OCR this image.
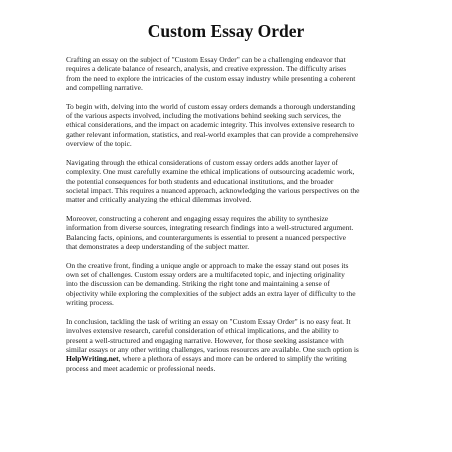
Custom Essay Order

Crafting an essay on the subject of "Custom Essay Order" can be a challenging endeavor that
requires a delicate balance of research, analysis, and creative expression. The difficulty arises
from the need to explore the intricacies of the custom essay industry while presenting a coherent
and compelling narrative.

To begin with, delving into the world of custom essay orders demands a thorough understanding
of the various aspects involved, including the motivations behind seeking such services, the
ethical considerations, and the impact on academic integrity. This involves extensive research to
gather relevant information, statistics, and real-world examples that can provide a comprehensive
overview of the topic.

Navigating through the ethical considerations of custom essay orders adds another layer of
complexity. One must carefully examine the ethical implications of outsourcing academic work,
the potential consequences for both students and educational institutions, and the broader
societal impact. This requires a nuanced approach, acknowledging the various perspectives on the
matter and critically analyzing the ethical dilemmas involved.

Moreover, constructing a coherent and engaging essay requires the ability to synthesize
information from diverse sources, integrating research findings into a well-structured argument.
Balancing facts, opinions, and counterarguments is essential to present a nuanced perspective
that demonstrates a deep understanding of the subject matter.

On the creative front, finding a unique angle or approach to make the essay stand out poses its
own set of challenges. Custom essay orders are a multifaceted topic, and injecting originality
into the discussion can be demanding. Striking the right tone and maintaining a sense of
objectivity while exploring the complexities of the subject adds an extra layer of difficulty to the
writing process.

In conclusion, tackling the task of writing an essay on "Custom Essay Order" is no easy feat. It
involves extensive research, careful consideration of ethical implications, and the ability to
present a well-structured and engaging narrative. However, for those seeking assistance with
similar essays or any other writing challenges, various resources are available. One such option is
HelpWriting.net, where a plethora of essays and more can be ordered to simplify the writing
process and meet academic or professional needs.
